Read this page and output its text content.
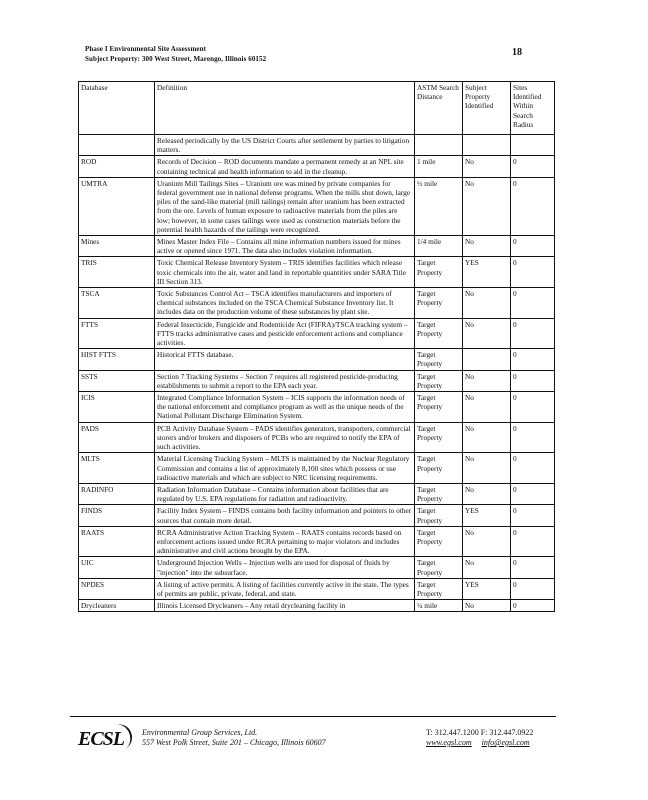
Phase I Environmental Site Assessment
Subject Property: 300 West Street, Marengo, Illinois 60152
18
Database	Definition	ASTM Search Distance	Subject Property Identified	Sites Identified Within Search Radius
	Released periodically by the US District Courts after settlement by parties to litigation matters.			
ROD	Records of Decision – ROD documents mandate a permanent remedy at an NPL site containing technical and health information to aid in the cleanup.	1 mile	No	0
UMTRA	Uranium Mill Tailings Sites – Uranium ore was mined by private companies for federal government use in national defense programs. When the mills shut down, large piles of the sand-like material (mill tailings) remain after uranium has been extracted from the ore. Levels of human exposure to radioactive materials from the piles are low; however, in some cases tailings were used as construction materials before the potential health hazards of the tailings were recognized.	½ mile	No	0
Mines	Mines Master Index File – Contains all mine information numbers issued for mines active or opened since 1971. The data also includes violation information.	1/4 mile	No	0
TRIS	Toxic Chemical Release Inventory System – TRIS identifies facilities which release toxic chemicals into the air, water and land in reportable quantities under SARA Title III Section 313.	Target Property	YES	0
TSCA	Toxic Substances Control Act – TSCA identifies manufacturers and importers of chemical substances included on the TSCA Chemical Substance Inventory list. It includes data on the production volume of these substances by plant site.	Target Property	No	0
FTTS	Federal Insecticide, Fungicide and Rodenticide Act (FIFRA)/TSCA tracking system – FTTS tracks administrative cases and pesticide enforcement actions and compliance activities.	Target Property	No	0
HIST FTTS	Historical FTTS database.	Target Property		0
SSTS	Section 7 Tracking Systems – Section 7 requires all registered pesticide-producing establishments to submit a report to the EPA each year.	Target Property	No	0
ICIS	Integrated Compliance Information System – ICIS supports the information needs of the national enforcement and compliance program as well as the unique needs of the National Pollutant Discharge Elimination System.	Target Property	No	0
PADS	PCB Activity Database System – PADS identifies generators, transporters, commercial storers and/or brokers and disposers of PCBs who are required to notify the EPA of such activities.	Target Property	No	0
MLTS	Material Licensing Tracking System – MLTS is maintained by the Nuclear Regulatory Commission and contains a list of approximately 8,100 sites which possess or use radioactive materials and which are subject to NRC licensing requirements.	Target Property	No	0
RADINFO	Radiation Information Database – Contains information about facilities that are regulated by U.S. EPA regulations for radiation and radioactivity.	Target Property	No	0
FINDS	Facility Index System – FINDS contains both facility information and pointers to other sources that contain more detail.	Target Property	YES	0
RAATS	RCRA Administrative Action Tracking System – RAATS contains records based on enforcement actions issued under RCRA pertaining to major violators and includes administrative and civil actions brought by the EPA.	Target Property	No	0
UIC	Underground Injection Wells – Injection wells are used for disposal of fluids by "injection" into the subsurface.	Target Property	No	0
NPDES	A listing of active permits. A listing of facilities currently active in the state. The types of permits are public, private, federal, and state.	Target Property	YES	0
Drycleaners	Illinois Licensed Drycleaners – Any retail drycleaning facility in	¼ mile	No	0
ECSL Environmental Group Services, Ltd.
557 West Polk Street, Suite 201 – Chicago, Illinois 60607
T: 312.447.1200 F: 312.447.0922
www.egsl.com info@egsl.com
